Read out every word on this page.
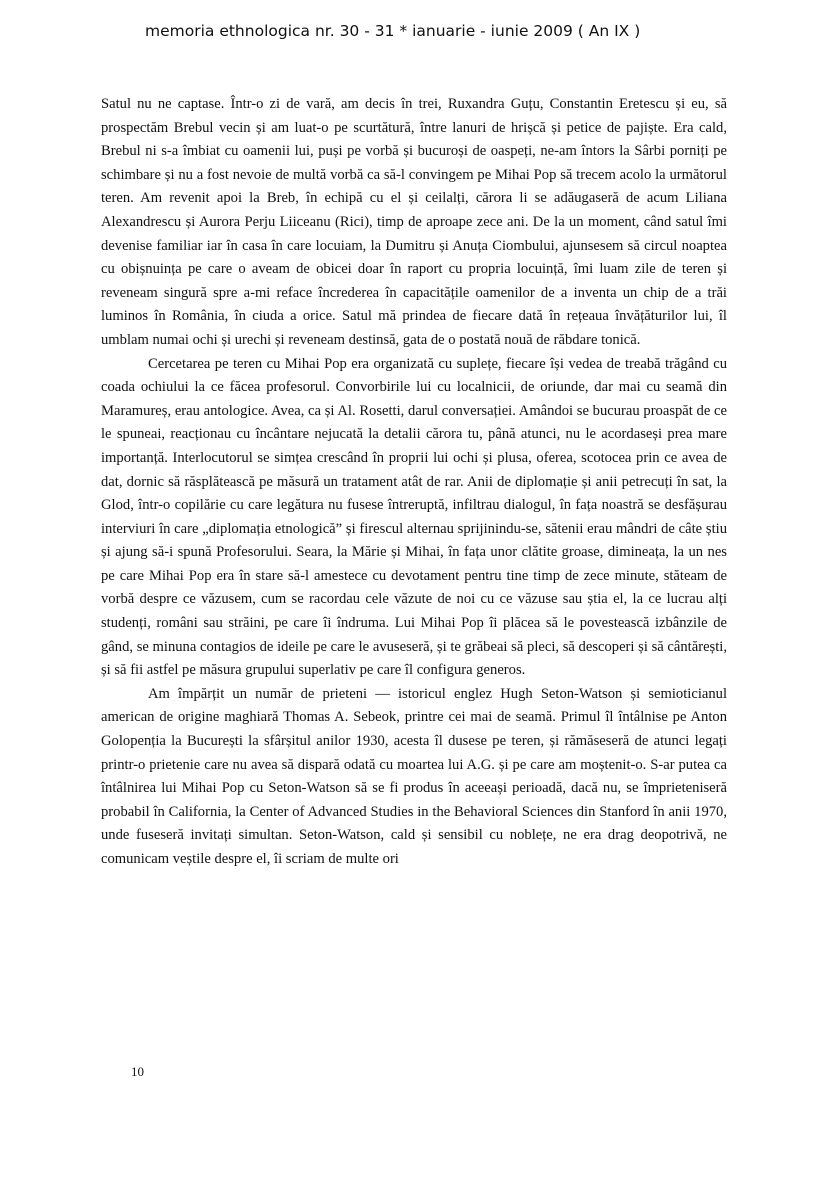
memoria ethnologica nr. 30 - 31 * ianuarie - iunie 2009 ( An IX )

Satul nu ne captase. Într-o zi de vară, am decis în trei, Ruxandra Guțu, Constantin Eretescu și eu, să prospectăm Brebul vecin și am luat-o pe scurtătură, între lanuri de hrișcă și petice de pajiște. Era cald, Brebul ni s-a îmbiat cu oamenii lui, puși pe vorbă și bucuroși de oaspeți, ne-am întors la Sârbi porniți pe schimbare și nu a fost nevoie de multă vorbă ca să-l convingem pe Mihai Pop să trecem acolo la următorul teren. Am revenit apoi la Breb, în echipă cu el și ceilalți, cărora li se adăugaseră de acum Liliana Alexandrescu și Aurora Perju Liiceanu (Rici), timp de aproape zece ani. De la un moment, când satul îmi devenise familiar iar în casa în care locuiam, la Dumitru și Anuța Ciombului, ajunsesem să circul noaptea cu obișnuința pe care o aveam de obicei doar în raport cu propria locuință, îmi luam zile de teren și reveneam singură spre a-mi reface încrederea în capacitățile oamenilor de a inventa un chip de a trăi luminos în România, în ciuda a orice. Satul mă prindea de fiecare dată în rețeaua învățăturilor lui, îl umblam numai ochi și urechi și reveneam destinsă, gata de o postată nouă de răbdare tonică.

Cercetarea pe teren cu Mihai Pop era organizată cu suplețe, fiecare își vedea de treabă trăgând cu coada ochiului la ce făcea profesorul. Convorbirile lui cu localnicii, de oriunde, dar mai cu seamă din Maramureș, erau antologice. Avea, ca și Al. Rosetti, darul conversației. Amândoi se bucurau proaspăt de ce le spuneai, reacționau cu încântare nejucată la detalii cărora tu, până atunci, nu le acordaseși prea mare importanță. Interlocutorul se simțea crescând în proprii lui ochi și plusa, oferea, scotocea prin ce avea de dat, dornic să răsplătească pe măsură un tratament atât de rar. Anii de diplomație și anii petrecuți în sat, la Glod, într-o copilărie cu care legătura nu fusese întreruptă, infiltrau dialogul, în fața noastră se desfășurau interviuri în care „diplomația etnologică” și firescul alternau sprijinindu-se, sătenii erau mândri de câte știu și ajung să-i spună Profesorului. Seara, la Mărie și Mihai, în fața unor clătite groase, dimineața, la un nes pe care Mihai Pop era în stare să-l amestece cu devotament pentru tine timp de zece minute, stăteam de vorbă despre ce văzusem, cum se racordau cele văzute de noi cu ce văzuse sau știa el, la ce lucrau alți studenți, români sau străini, pe care îi îndruma. Lui Mihai Pop îi plăcea să le povestească izbânzile de gând, se minuna contagios de ideile pe care le avuseseră, și te grăbeai să pleci, să descoperi și să cântărești, și să fii astfel pe măsura grupului superlativ pe care îl configura generos.

Am împărțit un număr de prieteni — istoricul englez Hugh Seton-Watson și semioticianul american de origine maghiară Thomas A. Sebeok, printre cei mai de seamă. Primul îl întâlnise pe Anton Golopenția la București la sfârșitul anilor 1930, acesta îl dusese pe teren, și rămăseseră de atunci legați printr-o prietenie care nu avea să dispară odată cu moartea lui A.G. și pe care am moștenit-o. S-ar putea ca întâlnirea lui Mihai Pop cu Seton-Watson să se fi produs în aceeași perioadă, dacă nu, se împrieteniseră probabil în California, la Center of Advanced Studies in the Behavioral Sciences din Stanford în anii 1970, unde fuseseră invitați simultan. Seton-Watson, cald și sensibil cu noblețe, ne era drag deopotrivă, ne comunicam veștile despre el, îi scriam de multe ori

10
